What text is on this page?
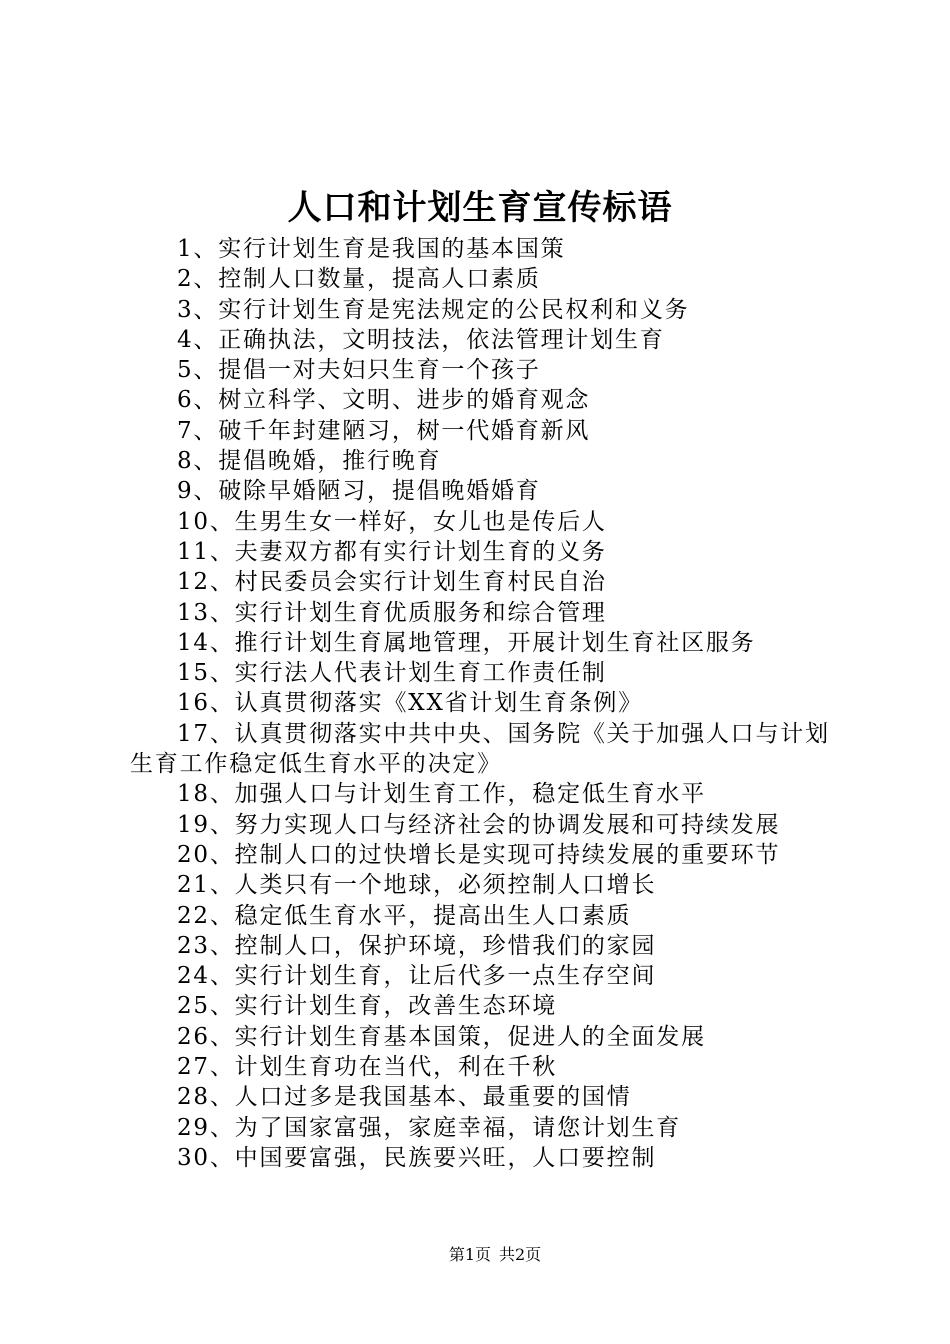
人口和计划生育宣传标语
1、实行计划生育是我国的基本国策
2、控制人口数量，提高人口素质
3、实行计划生育是宪法规定的公民权利和义务
4、正确执法，文明技法，依法管理计划生育
5、提倡一对夫妇只生育一个孩子
6、树立科学、文明、进步的婚育观念
7、破千年封建陋习，树一代婚育新风
8、提倡晚婚，推行晚育
9、破除早婚陋习，提倡晚婚婚育
10、生男生女一样好，女儿也是传后人
11、夫妻双方都有实行计划生育的义务
12、村民委员会实行计划生育村民自治
13、实行计划生育优质服务和综合管理
14、推行计划生育属地管理，开展计划生育社区服务
15、实行法人代表计划生育工作责任制
16、认真贯彻落实《XX省计划生育条例》
17、认真贯彻落实中共中央、国务院《关于加强人口与计划生育工作稳定低生育水平的决定》
18、加强人口与计划生育工作，稳定低生育水平
19、努力实现人口与经济社会的协调发展和可持续发展
20、控制人口的过快增长是实现可持续发展的重要环节
21、人类只有一个地球，必须控制人口增长
22、稳定低生育水平，提高出生人口素质
23、控制人口，保护环境，珍惜我们的家园
24、实行计划生育，让后代多一点生存空间
25、实行计划生育，改善生态环境
26、实行计划生育基本国策，促进人的全面发展
27、计划生育功在当代，利在千秋
28、人口过多是我国基本、最重要的国情
29、为了国家富强，家庭幸福，请您计划生育
30、中国要富强，民族要兴旺，人口要控制
第1页 共2页
